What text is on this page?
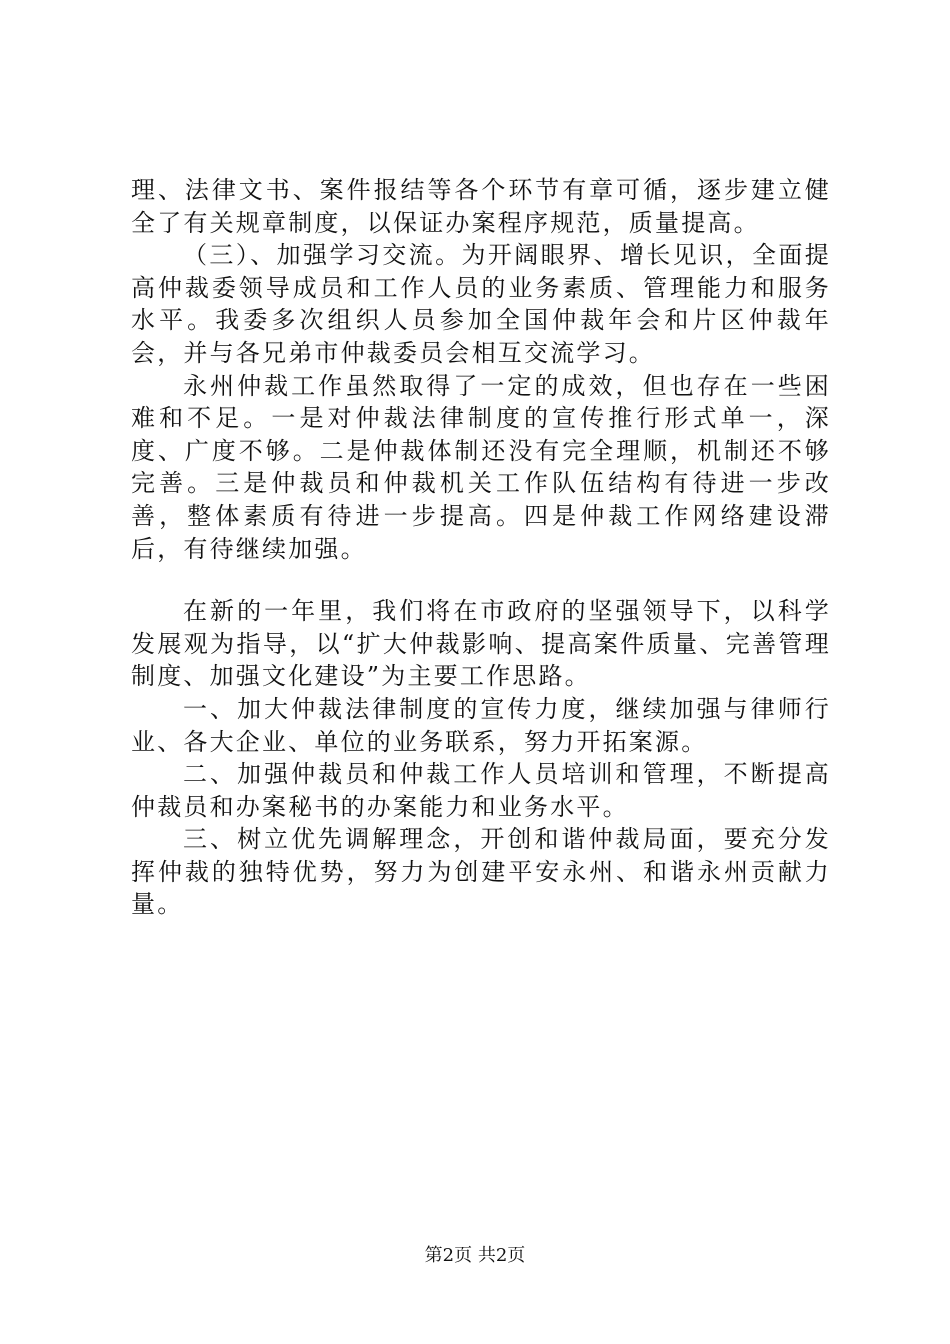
理、法律文书、案件报结等各个环节有章可循，逐步建立健全了有关规章制度，以保证办案程序规范，质量提高。

（三）、加强学习交流。为开阔眼界、增长见识，全面提高仲裁委领导成员和工作人员的业务素质、管理能力和服务水平。我委多次组织人员参加全国仲裁年会和片区仲裁年会，并与各兄弟市仲裁委员会相互交流学习。

永州仲裁工作虽然取得了一定的成效，但也存在一些困难和不足。一是对仲裁法律制度的宣传推行形式单一，深度、广度不够。二是仲裁体制还没有完全理顺，机制还不够完善。三是仲裁员和仲裁机关工作队伍结构有待进一步改善，整体素质有待进一步提高。四是仲裁工作网络建设滞后，有待继续加强。

在新的一年里，我们将在市政府的坚强领导下，以科学发展观为指导，以“扩大仲裁影响、提高案件质量、完善管理制度、加强文化建设”为主要工作思路。

一、加大仲裁法律制度的宣传力度，继续加强与律师行业、各大企业、单位的业务联系，努力开拓案源。

二、加强仲裁员和仲裁工作人员培训和管理，不断提高仲裁员和办案秘书的办案能力和业务水平。

三、树立优先调解理念，开创和谐仲裁局面，要充分发挥仲裁的独特优势，努力为创建平安永州、和谐永州贡献力量。

第2页 共2页
